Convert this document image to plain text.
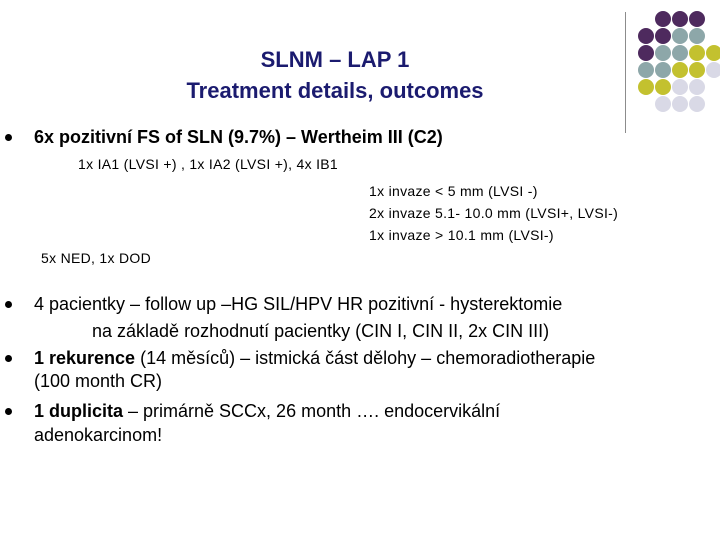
SLNM – LAP 1
Treatment details, outcomes
6x pozitivní FS of SLN (9.7%) – Wertheim III (C2)
1x IA1 (LVSI +) , 1x IA2 (LVSI +), 4x IB1
1x invaze < 5 mm (LVSI -)
2x invaze 5.1- 10.0 mm (LVSI+, LVSI-)
1x invaze > 10.1 mm (LVSI-)
5x NED, 1x DOD
4 pacientky – follow up –HG SIL/HPV HR pozitivní - hysterektomie
na základě rozhodnutí pacientky (CIN I, CIN II, 2x CIN III)
1 rekurence (14 měsíců) – istmická část dělohy – chemoradiotherapie
(100 month CR)
1 duplicita – primárně SCCx, 26 month …. endocervikální
adenokarcinom!
